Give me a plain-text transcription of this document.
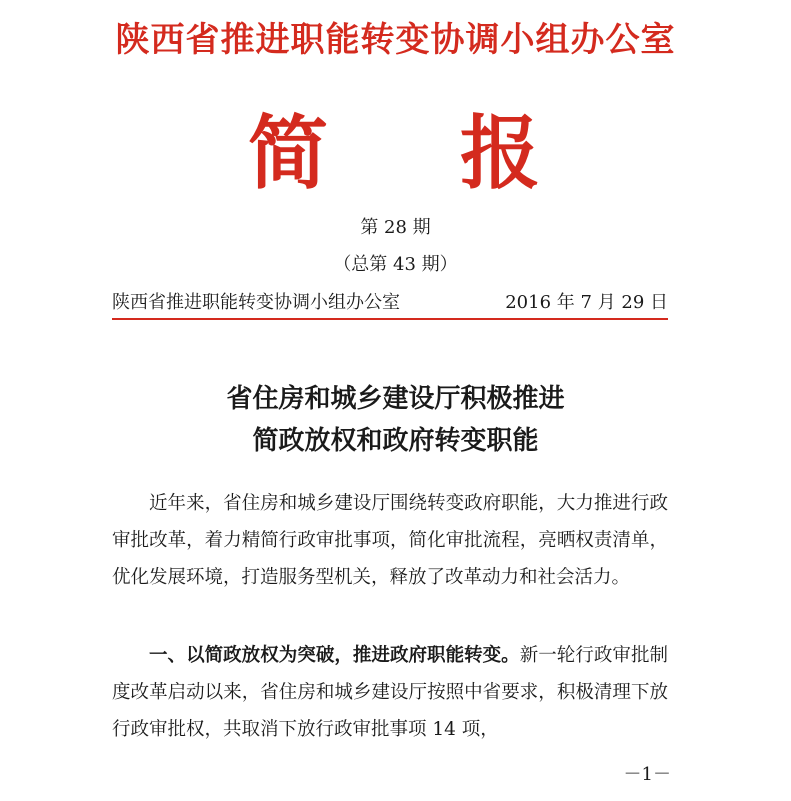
陕西省推进职能转变协调小组办公室
简 报
第 28 期
（总第 43 期）
陕西省推进职能转变协调小组办公室	2016 年 7 月 29 日
省住房和城乡建设厅积极推进
简政放权和政府转变职能
近年来，省住房和城乡建设厅围绕转变政府职能，大力推进行政审批改革，着力精简行政审批事项，简化审批流程，亮晒权责清单，优化发展环境，打造服务型机关，释放了改革动力和社会活力。
一、以简政放权为突破，推进政府职能转变。新一轮行政审批制度改革启动以来，省住房和城乡建设厅按照中省要求，积极清理下放行政审批权，共取消下放行政审批事项 14 项，
－1－
